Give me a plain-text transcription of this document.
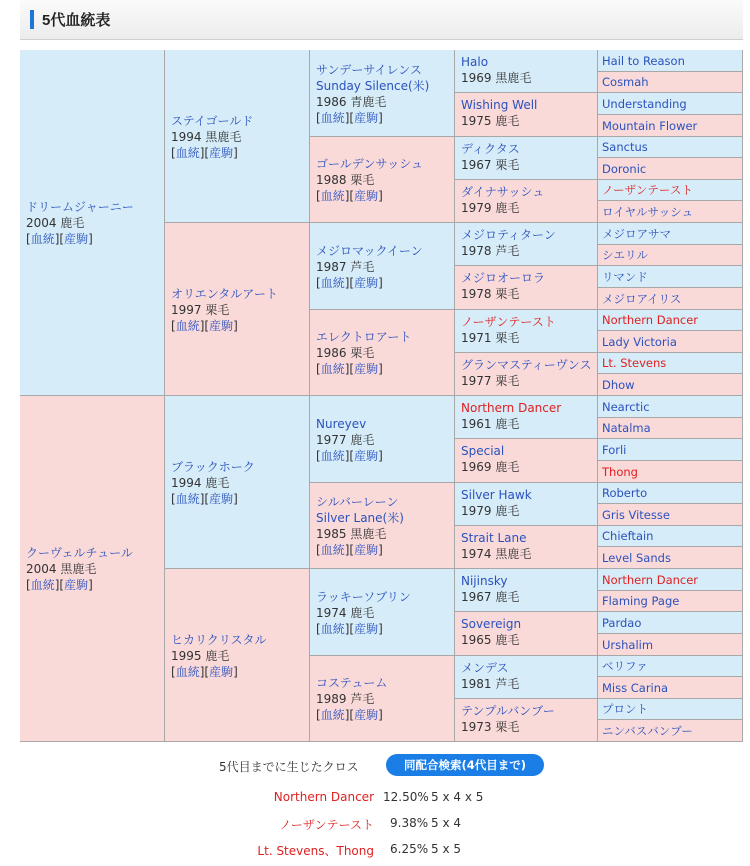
5代血統表
ドリームジャーニー
2004 鹿毛
[血統][産駒]
クーヴェルチュール
2004 黒鹿毛
[血統][産駒]
ステイゴールド
1994 黒鹿毛
[血統][産駒]
オリエンタルアート
1997 栗毛
[血統][産駒]
ブラックホーク
1994 鹿毛
[血統][産駒]
ヒカリクリスタル
1995 鹿毛
[血統][産駒]
サンデーサイレンス
Sunday Silence(米)
1986 青鹿毛
[血統][産駒]
ゴールデンサッシュ
1988 栗毛
[血統][産駒]
メジロマックイーン
1987 芦毛
[血統][産駒]
エレクトロアート
1986 栗毛
[血統][産駒]
Nureyev
1977 鹿毛
[血統][産駒]
シルバーレーン
Silver Lane(米)
1985 黒鹿毛
[血統][産駒]
ラッキーソブリン
1974 鹿毛
[血統][産駒]
コステューム
1989 芦毛
[血統][産駒]
Halo
1969 黒鹿毛
Wishing Well
1975 鹿毛
ディクタス
1967 栗毛
ダイナサッシュ
1979 鹿毛
メジロティターン
1978 芦毛
メジロオーロラ
1978 栗毛
ノーザンテースト
1971 栗毛
グランマスティーヴンス
1977 栗毛
Northern Dancer
1961 鹿毛
Special
1969 鹿毛
Silver Hawk
1979 鹿毛
Strait Lane
1974 黒鹿毛
Nijinsky
1967 鹿毛
Sovereign
1965 鹿毛
メンデス
1981 芦毛
テンプルバンブー
1973 栗毛
Hail to Reason
Cosmah
Understanding
Mountain Flower
Sanctus
Doronic
ノーザンテースト
ロイヤルサッシュ
メジロアサマ
シエリル
リマンド
メジロアイリス
Northern Dancer
Lady Victoria
Lt. Stevens
Dhow
Nearctic
Natalma
Forli
Thong
Roberto
Gris Vitesse
Chieftain
Level Sands
Northern Dancer
Flaming Page
Pardao
Urshalim
ベリファ
Miss Carina
プロント
ニンバスバンブー
5代目までに生じたクロス	同配合検索(4代目まで)
Northern Dancer 12.50% 5 x 4 x 5
ノーザンテースト 9.38% 5 x 4
Lt. Stevens、Thong 6.25% 5 x 5
